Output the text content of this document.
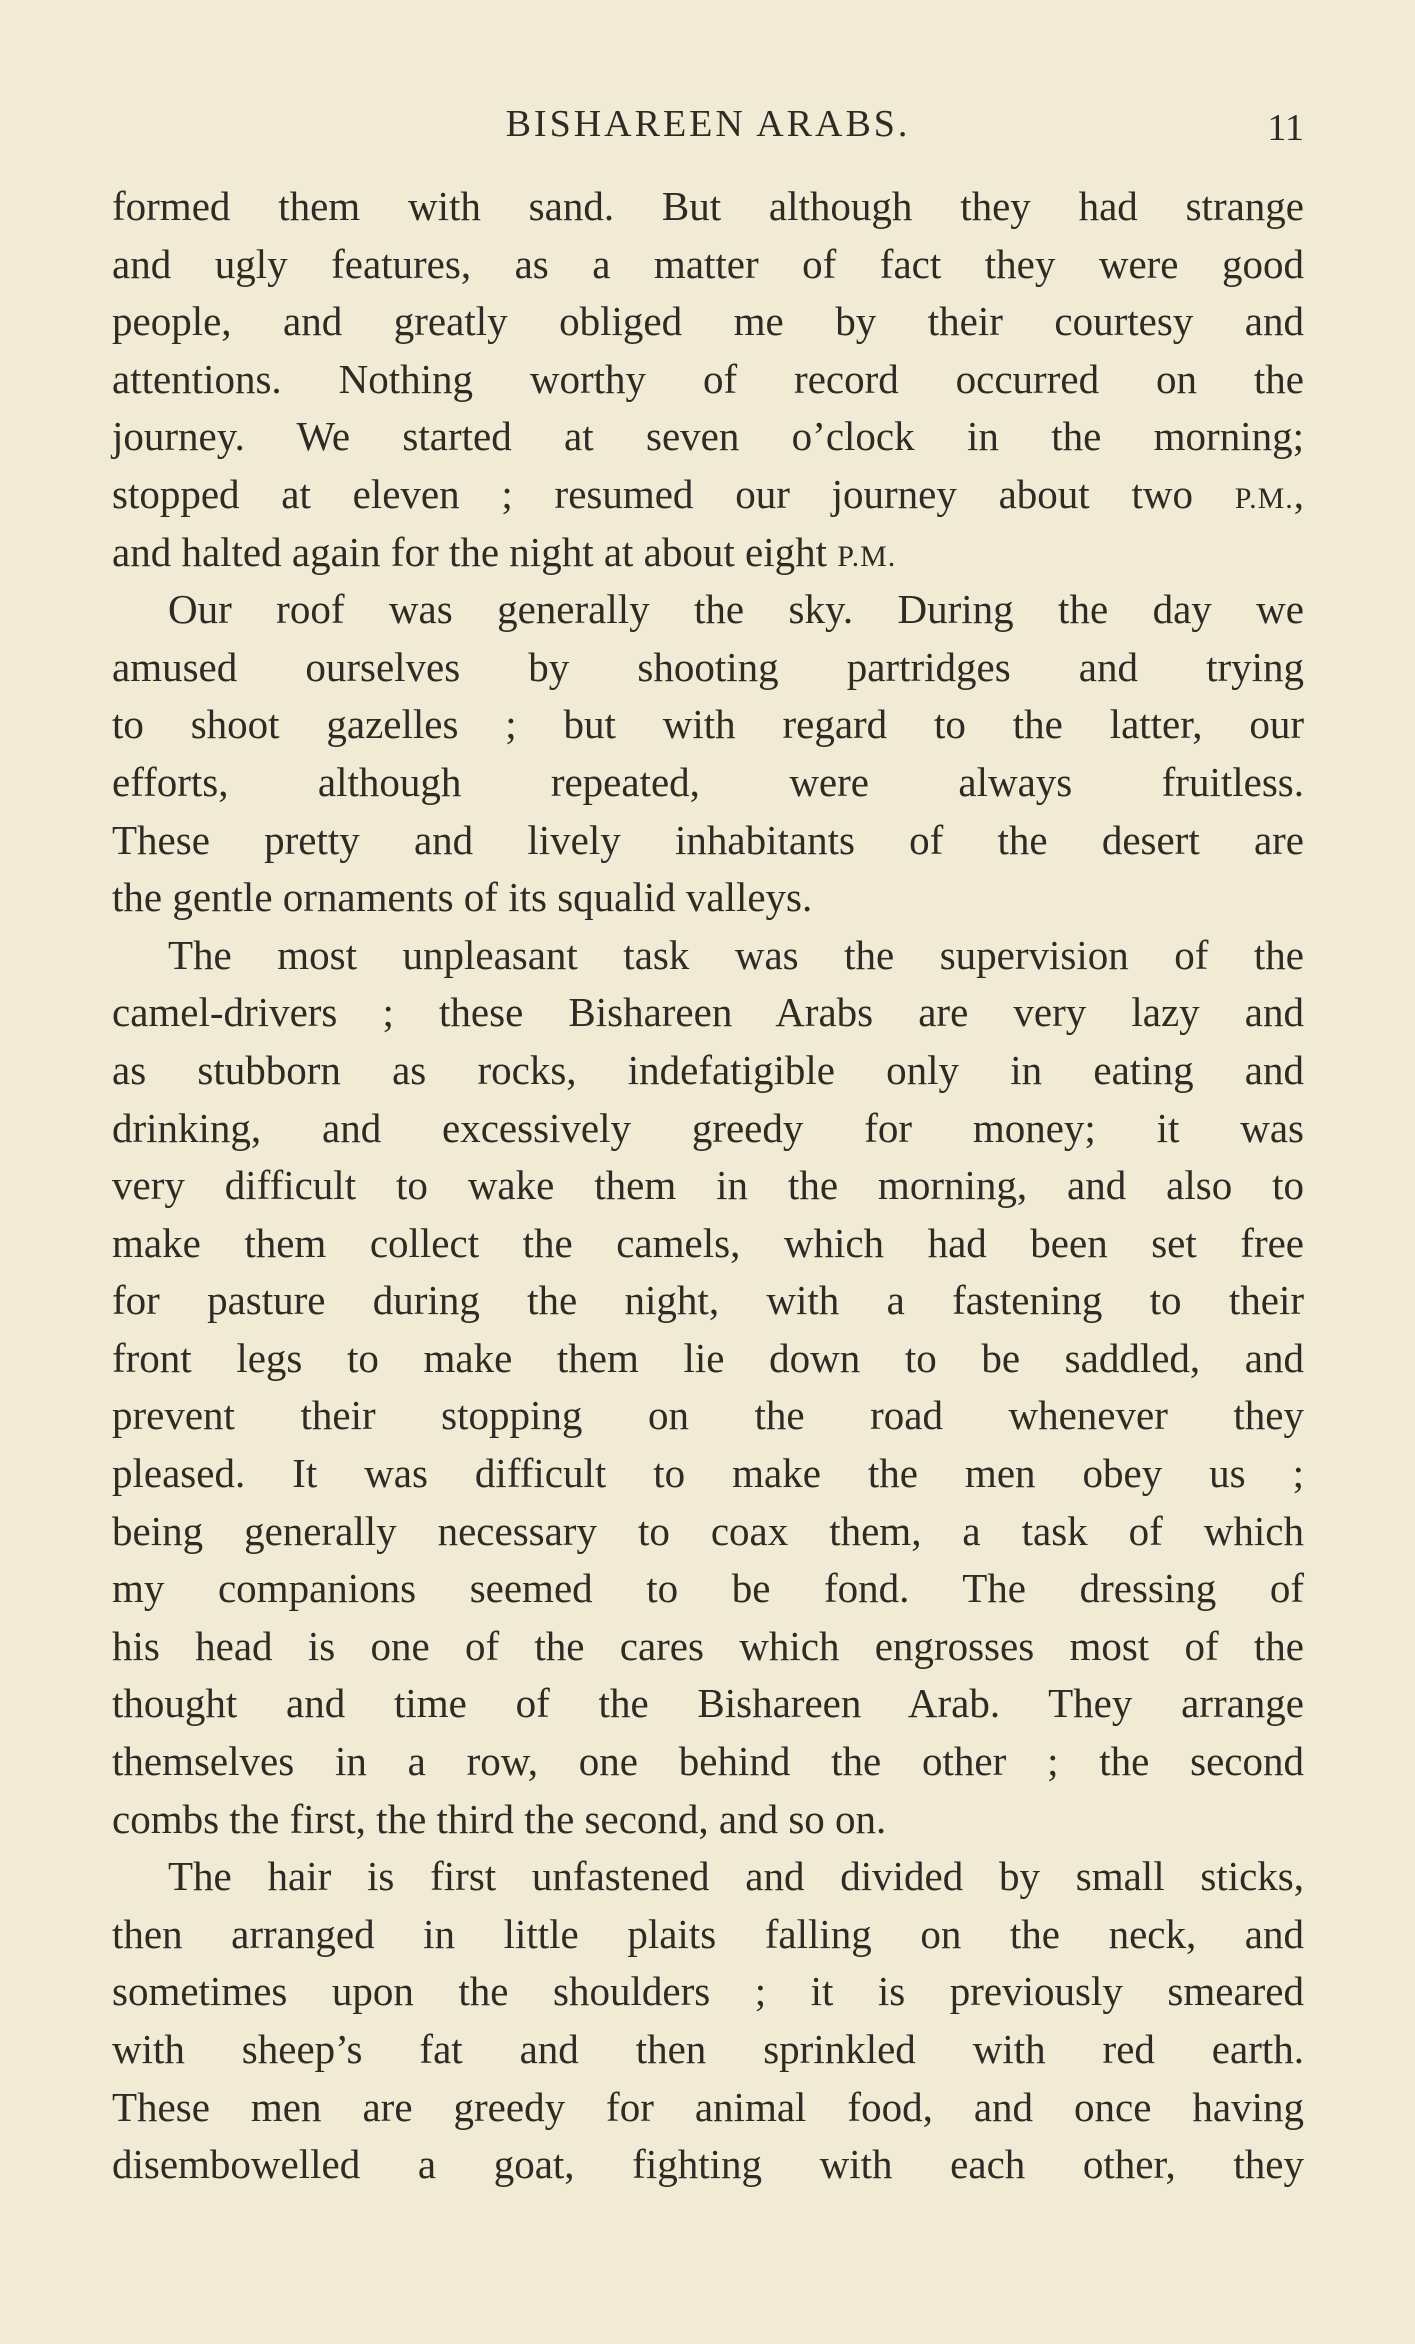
BISHAREEN ARABS.	11
formed them with sand. But although they had strange
and ugly features, as a matter of fact they were good
people, and greatly obliged me by their courtesy and
attentions. Nothing worthy of record occurred on the
journey. We started at seven o’clock in the morning;
stopped at eleven ; resumed our journey about two P.M.,
and halted again for the night at about eight P.M.
Our roof was generally the sky. During the day we
amused ourselves by shooting partridges and trying
to shoot gazelles ; but with regard to the latter, our
efforts, although repeated, were always fruitless.
These pretty and lively inhabitants of the desert are
the gentle ornaments of its squalid valleys.
The most unpleasant task was the supervision of the
camel-drivers ; these Bishareen Arabs are very lazy and
as stubborn as rocks, indefatigible only in eating and
drinking, and excessively greedy for money; it was
very difficult to wake them in the morning, and also to
make them collect the camels, which had been set free
for pasture during the night, with a fastening to their
front legs to make them lie down to be saddled, and
prevent their stopping on the road whenever they
pleased. It was difficult to make the men obey us ;
being generally necessary to coax them, a task of which
my companions seemed to be fond. The dressing of
his head is one of the cares which engrosses most of the
thought and time of the Bishareen Arab. They arrange
themselves in a row, one behind the other ; the second
combs the first, the third the second, and so on.
The hair is first unfastened and divided by small sticks,
then arranged in little plaits falling on the neck, and
sometimes upon the shoulders ; it is previously smeared
with sheep’s fat and then sprinkled with red earth.
These men are greedy for animal food, and once having
disembowelled a goat, fighting with each other, they
